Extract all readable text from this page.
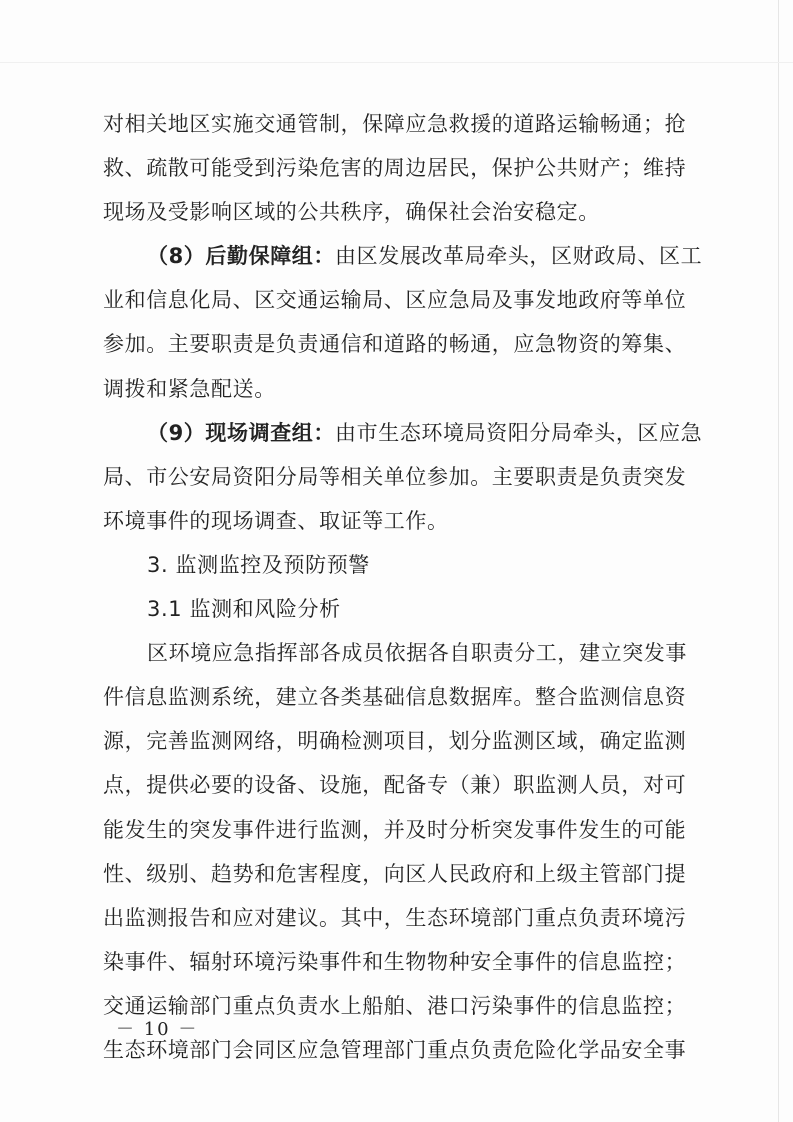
对相关地区实施交通管制，保障应急救援的道路运输畅通；抢
救、疏散可能受到污染危害的周边居民，保护公共财产；维持
现场及受影响区域的公共秩序，确保社会治安稳定。
（8）后勤保障组：由区发展改革局牵头，区财政局、区工
业和信息化局、区交通运输局、区应急局及事发地政府等单位
参加。主要职责是负责通信和道路的畅通，应急物资的筹集、
调拨和紧急配送。
（9）现场调查组：由市生态环境局资阳分局牵头，区应急
局、市公安局资阳分局等相关单位参加。主要职责是负责突发
环境事件的现场调查、取证等工作。
3. 监测监控及预防预警
3.1 监测和风险分析
区环境应急指挥部各成员依据各自职责分工，建立突发事
件信息监测系统，建立各类基础信息数据库。整合监测信息资
源，完善监测网络，明确检测项目，划分监测区域，确定监测
点，提供必要的设备、设施，配备专（兼）职监测人员，对可
能发生的突发事件进行监测，并及时分析突发事件发生的可能
性、级别、趋势和危害程度，向区人民政府和上级主管部门提
出监测报告和应对建议。其中，生态环境部门重点负责环境污
染事件、辐射环境污染事件和生物物种安全事件的信息监控；
交通运输部门重点负责水上船舶、港口污染事件的信息监控；
生态环境部门会同区应急管理部门重点负责危险化学品安全事
－ 10 －
